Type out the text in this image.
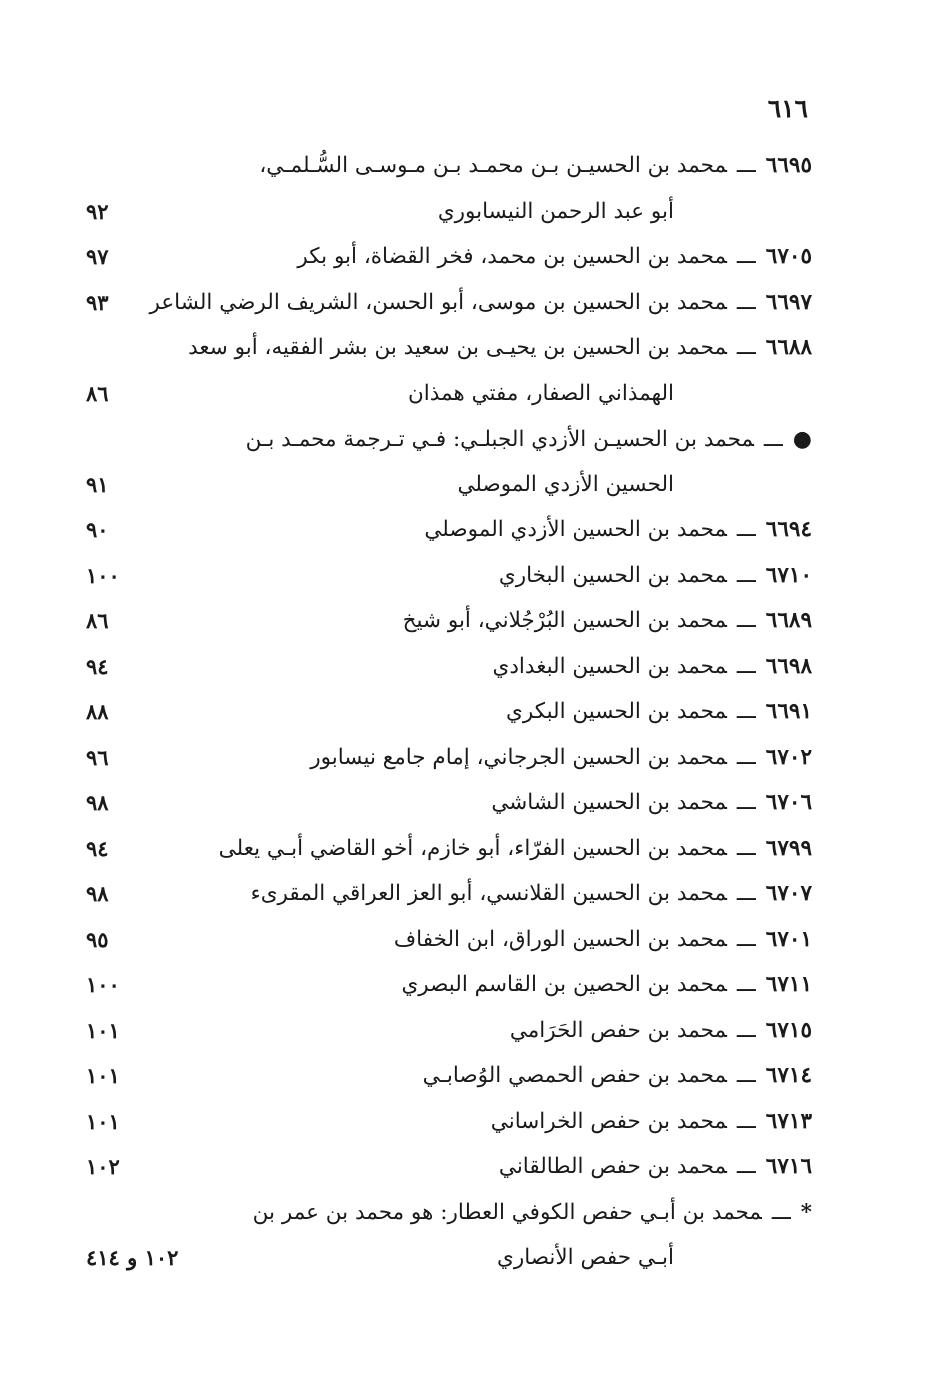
٦١٦
٦٦٩٥ـــمحمد بن الحسيـن بـن محمـد بـن مـوسـى السُّـلمـي،
أبو عبد الرحمن النيسابوري
٩٢
٦٧٠٥ـــمحمد بن الحسين بن محمد، فخر القضاة، أبو بكر
٩٧
٦٦٩٧ـــمحمد بن الحسين بن موسى، أبو الحسن، الشريف الرضي الشاعر
٩٣
٦٦٨٨ـــمحمد بن الحسين بن يحيـى بن سعيد بن بشر الفقيه، أبو سعد
الهمذاني الصفار، مفتي همذان
٨٦
●ـــمحمد بن الحسيـن الأزدي الجبلـي: فـي تـرجمة محمـد بـن
الحسين الأزدي الموصلي
٩١
٦٦٩٤ـــمحمد بن الحسين الأزدي الموصلي
٩٠
٦٧١٠ـــمحمد بن الحسين البخاري
١٠٠
٦٦٨٩ـــمحمد بن الحسين البُرْجُلاني، أبو شيخ
٨٦
٦٦٩٨ـــمحمد بن الحسين البغدادي
٩٤
٦٦٩١ـــمحمد بن الحسين البكري
٨٨
٦٧٠٢ـــمحمد بن الحسين الجرجاني، إمام جامع نيسابور
٩٦
٦٧٠٦ـــمحمد بن الحسين الشاشي
٩٨
٦٧٩٩ـــمحمد بن الحسين الفرّاء، أبو خازم، أخو القاضي أبـي يعلى
٩٤
٦٧٠٧ـــمحمد بن الحسين القلانسي، أبو العز العراقي المقرىء
٩٨
٦٧٠١ـــمحمد بن الحسين الوراق، ابن الخفاف
٩٥
٦٧١١ـــمحمد بن الحصين بن القاسم البصري
١٠٠
٦٧١٥ـــمحمد بن حفص الحَرَامي
١٠١
٦٧١٤ـــمحمد بن حفص الحمصي الوُصابـي
١٠١
٦٧١٣ـــمحمد بن حفص الخراساني
١٠١
٦٧١٦ـــمحمد بن حفص الطالقاني
١٠٢
*ـــمحمد بن أبـي حفص الكوفي العطار: هو محمد بن عمر بن
أبـي حفص الأنصاري
١٠٢ و ٤١٤
